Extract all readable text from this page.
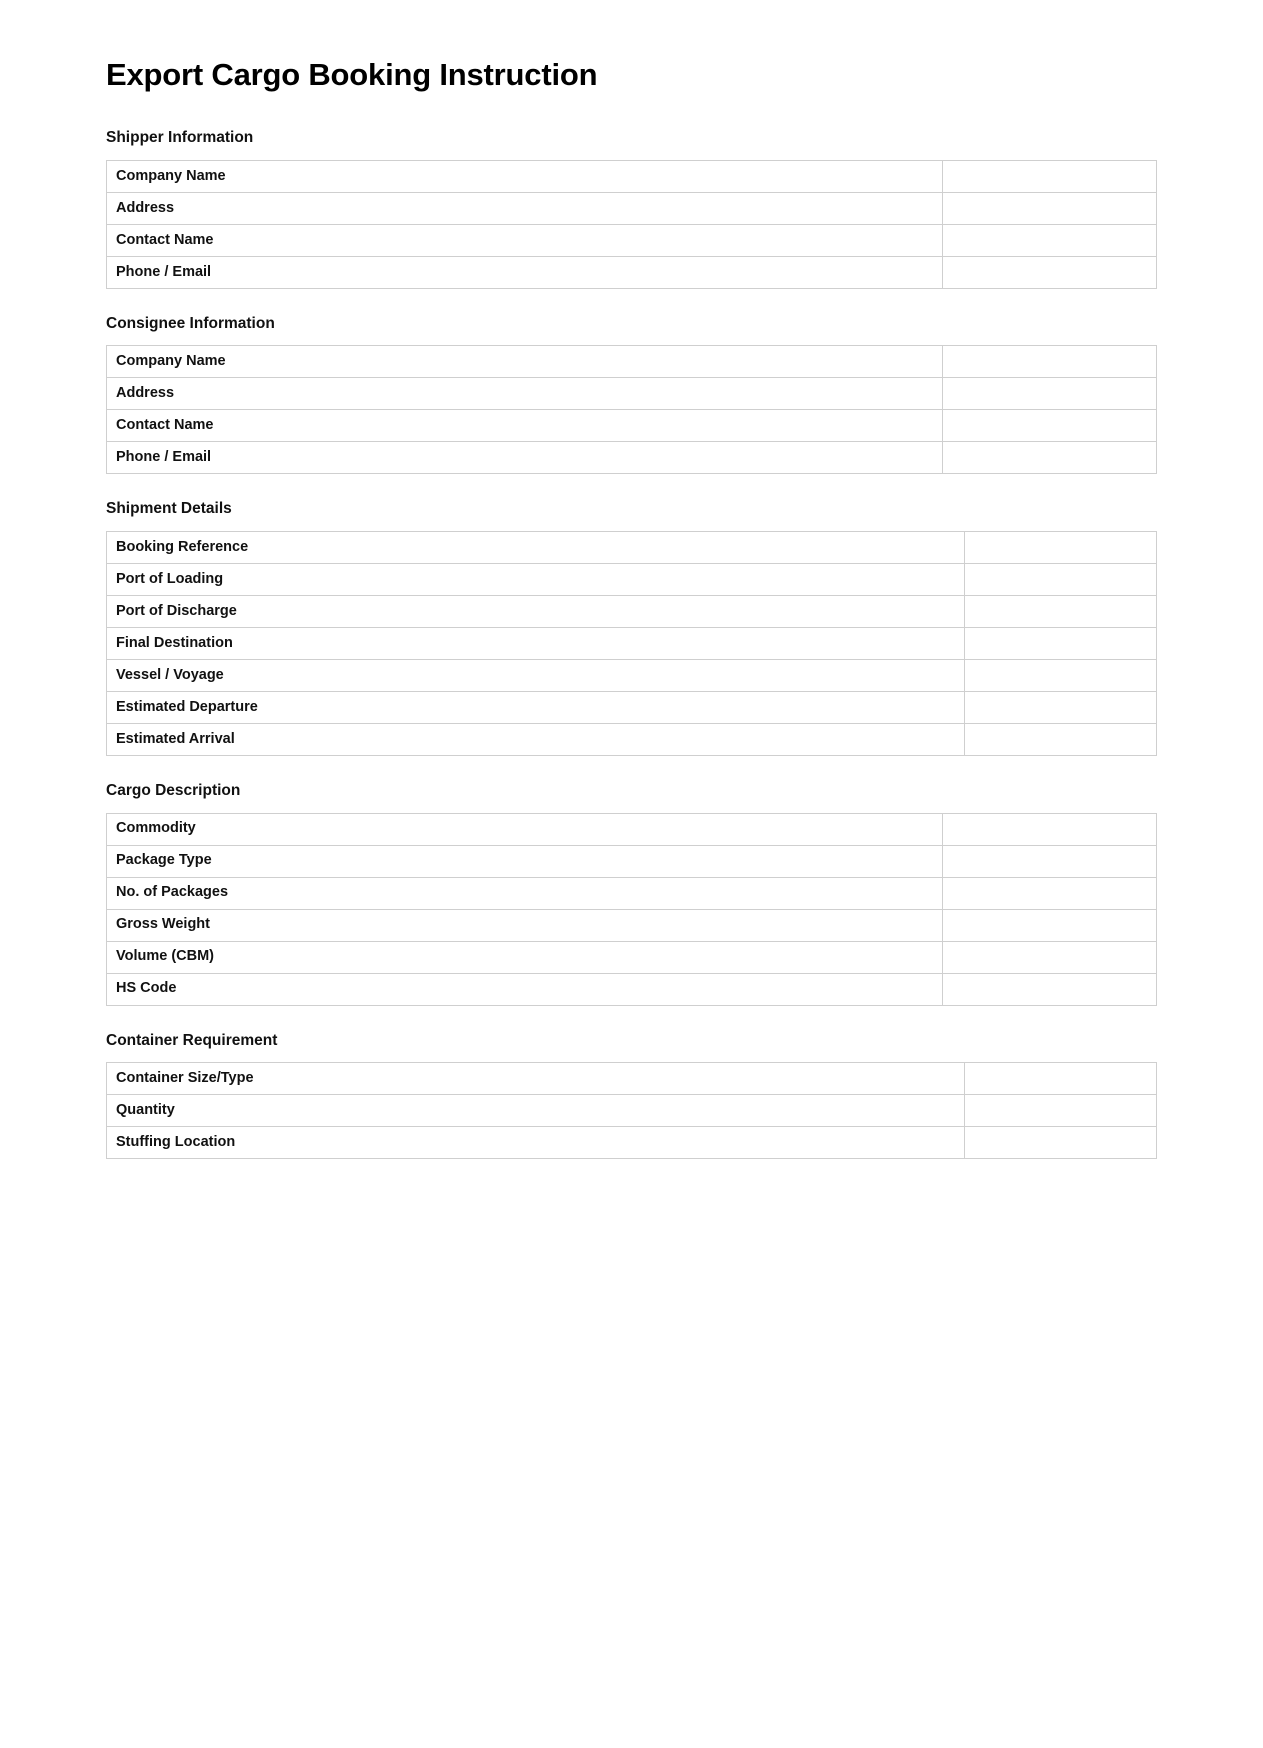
Export Cargo Booking Instruction
Shipper Information
Company Name	
Address	
Contact Name	
Phone / Email	
Consignee Information
Company Name	
Address	
Contact Name	
Phone / Email	
Shipment Details
Booking Reference	
Port of Loading	
Port of Discharge	
Final Destination	
Vessel / Voyage	
Estimated Departure	
Estimated Arrival	
Cargo Description
Commodity	
Package Type	
No. of Packages	
Gross Weight	
Volume (CBM)	
HS Code	
Container Requirement
Container Size/Type	
Quantity	
Stuffing Location	
